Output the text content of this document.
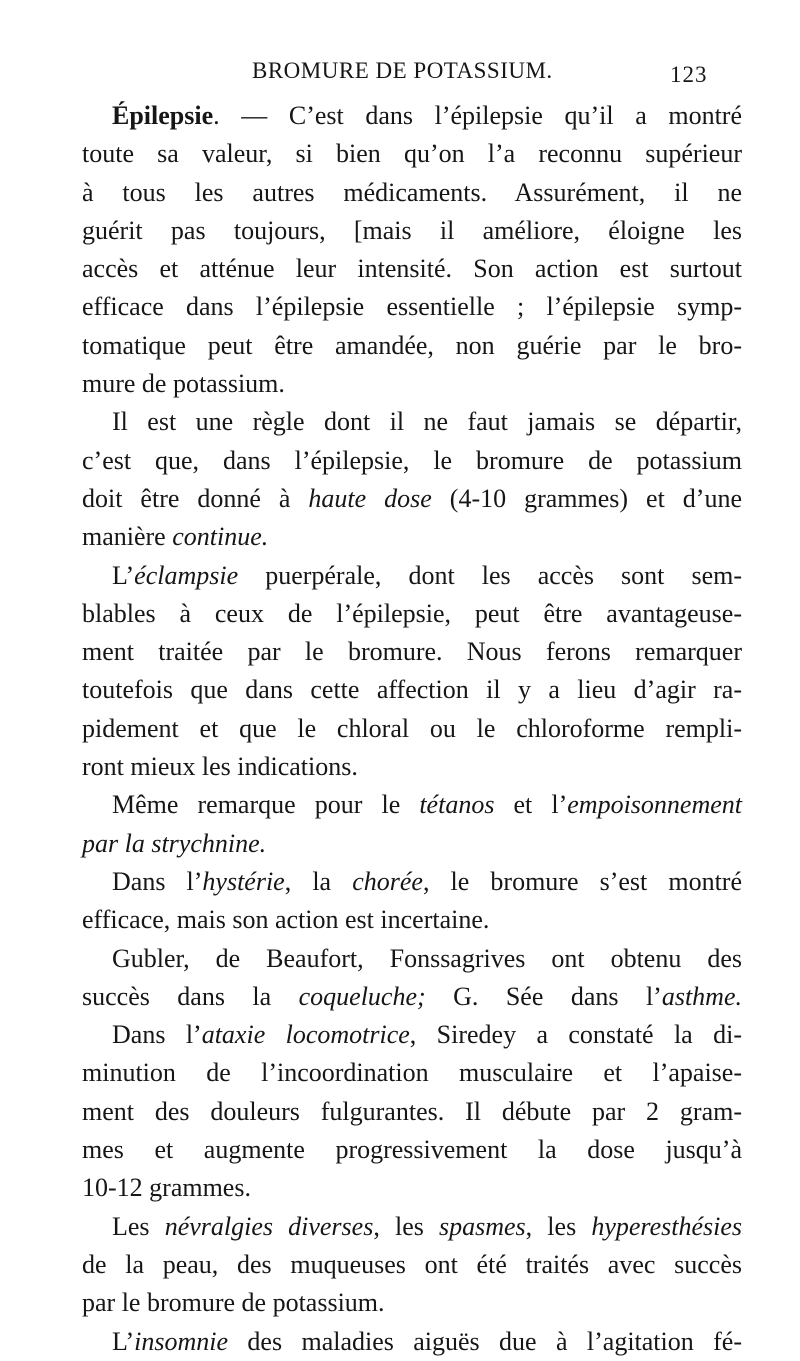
BROMURE DE POTASSIUM.	123
Épilepsie. — C’est dans l’épilepsie qu’il a montré
toute sa valeur, si bien qu’on l’a reconnu supérieur
à tous les autres médicaments. Assurément, il ne
guérit pas toujours, [mais il améliore, éloigne les
accès et atténue leur intensité. Son action est surtout
efficace dans l’épilepsie essentielle ; l’épilepsie symp-
tomatique peut être amandée, non guérie par le bro-
mure de potassium.
Il est une règle dont il ne faut jamais se départir,
c’est que, dans l’épilepsie, le bromure de potassium
doit être donné à haute dose (4-10 grammes) et d’une
manière continue.
L’éclampsie puerpérale, dont les accès sont sem-
blables à ceux de l’épilepsie, peut être avantageuse-
ment traitée par le bromure. Nous ferons remarquer
toutefois que dans cette affection il y a lieu d’agir ra-
pidement et que le chloral ou le chloroforme rempli-
ront mieux les indications.
Même remarque pour le tétanos et l’empoisonnement
par la strychnine.
Dans l’hystérie, la chorée, le bromure s’est montré
efficace, mais son action est incertaine.
Gubler, de Beaufort, Fonssagrives ont obtenu des
succès dans la coqueluche; G. Sée dans l’asthme.
Dans l’ataxie locomotrice, Siredey a constaté la di-
minution de l’incoordination musculaire et l’apaise-
ment des douleurs fulgurantes. Il débute par 2 gram-
mes et augmente progressivement la dose jusqu’à
10-12 grammes.
Les névralgies diverses, les spasmes, les hyperesthésies
de la peau, des muqueuses ont été traités avec succès
par le bromure de potassium.
L’insomnie des maladies aiguës due à l’agitation fé-
